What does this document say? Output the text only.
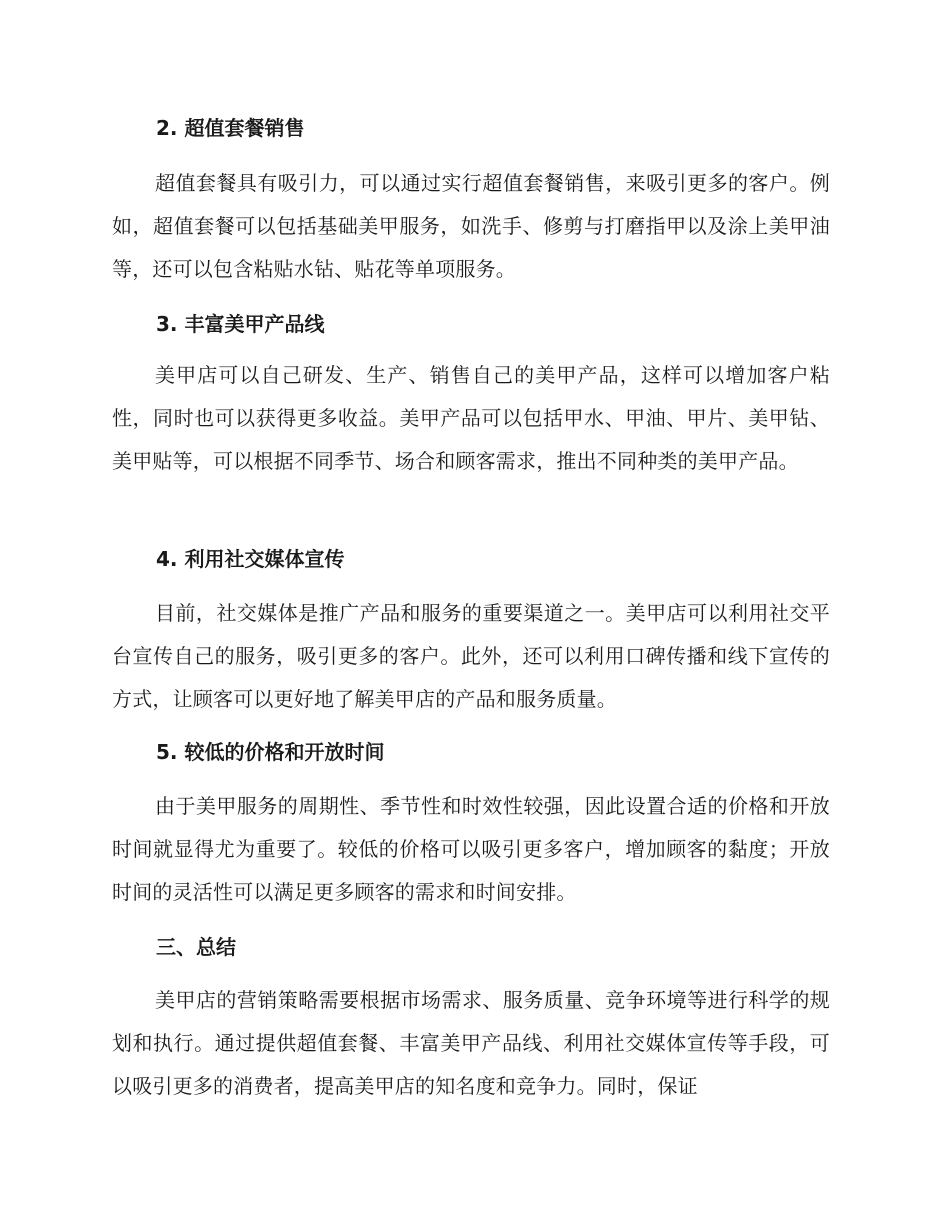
2. 超值套餐销售
超值套餐具有吸引力，可以通过实行超值套餐销售，来吸引更多的客户。例如，超值套餐可以包括基础美甲服务，如洗手、修剪与打磨指甲以及涂上美甲油等，还可以包含粘贴水钻、贴花等单项服务。
3. 丰富美甲产品线
美甲店可以自己研发、生产、销售自己的美甲产品，这样可以增加客户粘性，同时也可以获得更多收益。美甲产品可以包括甲水、甲油、甲片、美甲钻、美甲贴等，可以根据不同季节、场合和顾客需求，推出不同种类的美甲产品。
4. 利用社交媒体宣传
目前，社交媒体是推广产品和服务的重要渠道之一。美甲店可以利用社交平台宣传自己的服务，吸引更多的客户。此外，还可以利用口碑传播和线下宣传的方式，让顾客可以更好地了解美甲店的产品和服务质量。
5. 较低的价格和开放时间
由于美甲服务的周期性、季节性和时效性较强，因此设置合适的价格和开放时间就显得尤为重要了。较低的价格可以吸引更多客户，增加顾客的黏度；开放时间的灵活性可以满足更多顾客的需求和时间安排。
三、总结
美甲店的营销策略需要根据市场需求、服务质量、竞争环境等进行科学的规划和执行。通过提供超值套餐、丰富美甲产品线、利用社交媒体宣传等手段，可以吸引更多的消费者，提高美甲店的知名度和竞争力。同时，保证
